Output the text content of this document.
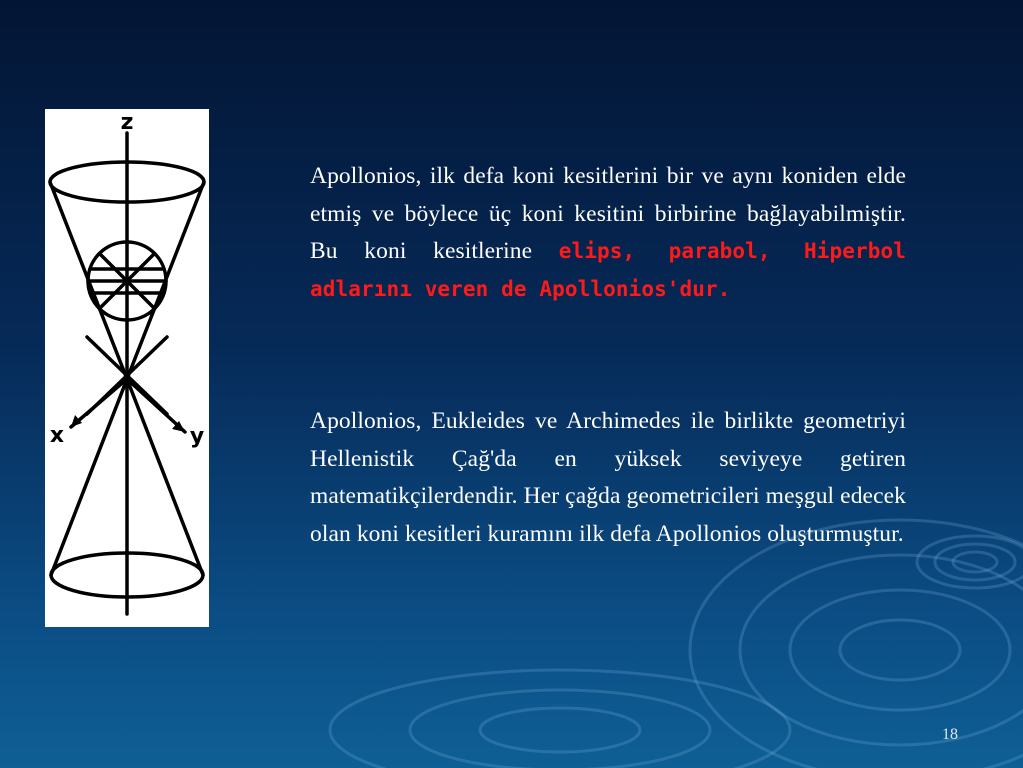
z
x	y
Apollonios, ilk defa koni kesitlerini bir ve aynı koniden elde etmiş ve böylece üç koni kesitini birbirine bağlayabilmiştir. Bu koni kesitlerine elips, parabol, Hiperbol adlarını veren de Apollonios'dur.
Apollonios, Eukleides ve Archimedes ile birlikte geometriyi Hellenistik Çağ'da en yüksek seviyeye getiren matematikçilerdendir. Her çağda geometricileri meşgul edecek olan koni kesitleri kuramını ilk defa Apollonios oluşturmuştur.
18
